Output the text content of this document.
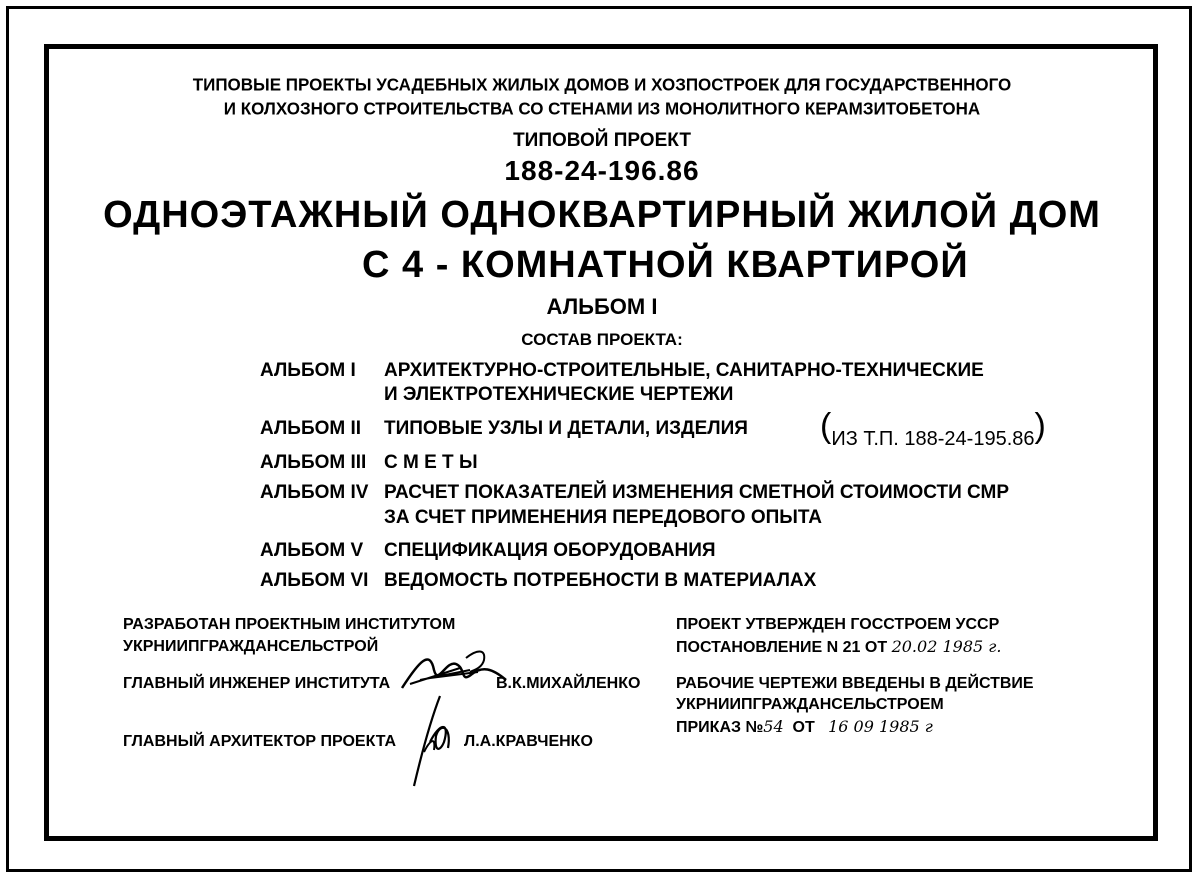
ТИПОВЫЕ ПРОЕКТЫ УСАДЕБНЫХ ЖИЛЫХ ДОМОВ И ХОЗПОСТРОЕК ДЛЯ ГОСУДАРСТВЕННОГО
И КОЛХОЗНОГО СТРОИТЕЛЬСТВА СО СТЕНАМИ ИЗ МОНОЛИТНОГО КЕРАМЗИТОБЕТОНА
ТИПОВОЙ ПРОЕКТ
188-24-196.86
ОДНОЭТАЖНЫЙ ОДНОКВАРТИРНЫЙ ЖИЛОЙ ДОМ
С 4 - КОМНАТНОЙ КВАРТИРОЙ
АЛЬБОМ I
СОСТАВ ПРОЕКТА:
АЛЬБОМ I АРХИТЕКТУРНО-СТРОИТЕЛЬНЫЕ, САНИТАРНО-ТЕХНИЧЕСКИЕ
И ЭЛЕКТРОТЕХНИЧЕСКИЕ ЧЕРТЕЖИ
АЛЬБОМ II ТИПОВЫЕ УЗЛЫ И ДЕТАЛИ, ИЗДЕЛИЯ (ИЗ Т.П. 188-24-195.86)
АЛЬБОМ III С М Е Т Ы
АЛЬБОМ IV РАСЧЕТ ПОКАЗАТЕЛЕЙ ИЗМЕНЕНИЯ СМЕТНОЙ СТОИМОСТИ СМР
ЗА СЧЕТ ПРИМЕНЕНИЯ ПЕРЕДОВОГО ОПЫТА
АЛЬБОМ V СПЕЦИФИКАЦИЯ ОБОРУДОВАНИЯ
АЛЬБОМ VI ВЕДОМОСТЬ ПОТРЕБНОСТИ В МАТЕРИАЛАХ
РАЗРАБОТАН ПРОЕКТНЫМ ИНСТИТУТОМ
УКРНИИПГРАЖДАНСЕЛЬСТРОЙ
ГЛАВНЫЙ ИНЖЕНЕР ИНСТИТУТА	В.К.МИХАЙЛЕНКО
ГЛАВНЫЙ АРХИТЕКТОР ПРОЕКТА	Л.А.КРАВЧЕНКО
ПРОЕКТ УТВЕРЖДЕН ГОССТРОЕМ УССР
ПОСТАНОВЛЕНИЕ N 21 ОТ 20.02 1985 г.
РАБОЧИЕ ЧЕРТЕЖИ ВВЕДЕНЫ В ДЕЙСТВИЕ
УКРНИИПГРАЖДАНСЕЛЬСТРОЕМ
ПРИКАЗ №54 ОТ 16 09 1985 г
